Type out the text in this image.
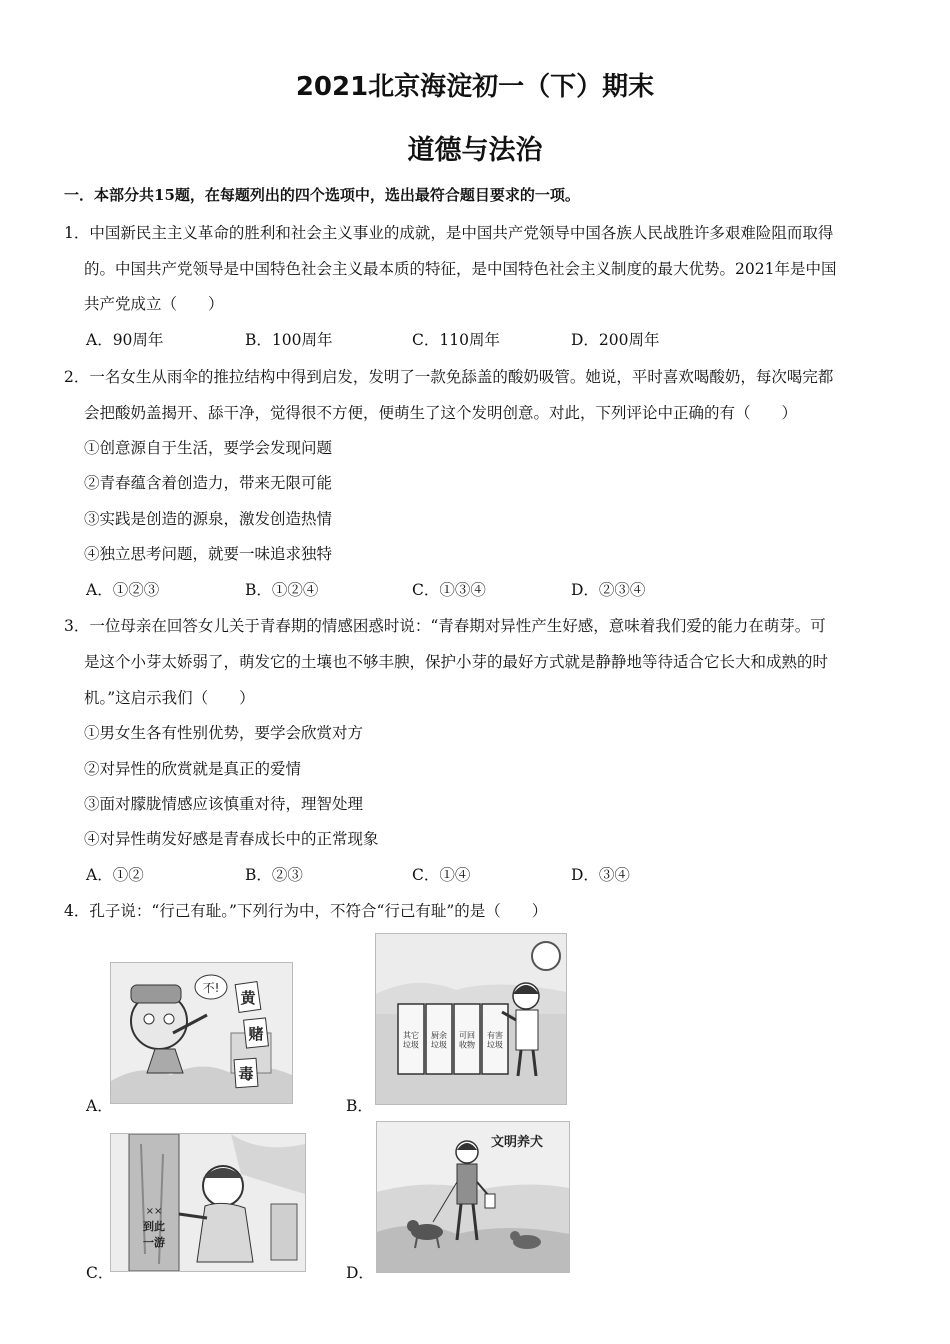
2021北京海淀初一（下）期末
道德与法治
一．本部分共15题，在每题列出的四个选项中，选出最符合题目要求的一项。
1．中国新民主主义革命的胜利和社会主义事业的成就，是中国共产党领导中国各族人民战胜许多艰难险阻而取得
的。中国共产党领导是中国特色社会主义最本质的特征，是中国特色社会主义制度的最大优势。2021年是中国
共产党成立（　　）
A．90周年	B．100周年	C．110周年	D．200周年
2．一名女生从雨伞的推拉结构中得到启发，发明了一款免舔盖的酸奶吸管。她说，平时喜欢喝酸奶，每次喝完都
会把酸奶盖揭开、舔干净，觉得很不方便，便萌生了这个发明创意。对此，下列评论中正确的有（　　）
①创意源自于生活，要学会发现问题
②青春蕴含着创造力，带来无限可能
③实践是创造的源泉，激发创造热情
④独立思考问题，就要一味追求独特
A．①②③	B．①②④	C．①③④	D．②③④
3．一位母亲在回答女儿关于青春期的情感困惑时说：“青春期对异性产生好感，意味着我们爱的能力在萌芽。可
是这个小芽太娇弱了，萌发它的土壤也不够丰腴，保护小芽的最好方式就是静静地等待适合它长大和成熟的时
机。”这启示我们（　　）
①男女生各有性别优势，要学会欣赏对方
②对异性的欣赏就是真正的爱情
③面对朦胧情感应该慎重对待，理智处理
④对异性萌发好感是青春成长中的正常现象
A．①②	B．②③	C．①④	D．③④
4．孔子说：“行己有耻。”下列行为中，不符合“行己有耻”的是（　　）
不!
黄
赌
毒
A．
其它垃圾
厨余垃圾
可回收物
有害垃圾
B．
××
到此
一游
C．
文明养犬
D．
